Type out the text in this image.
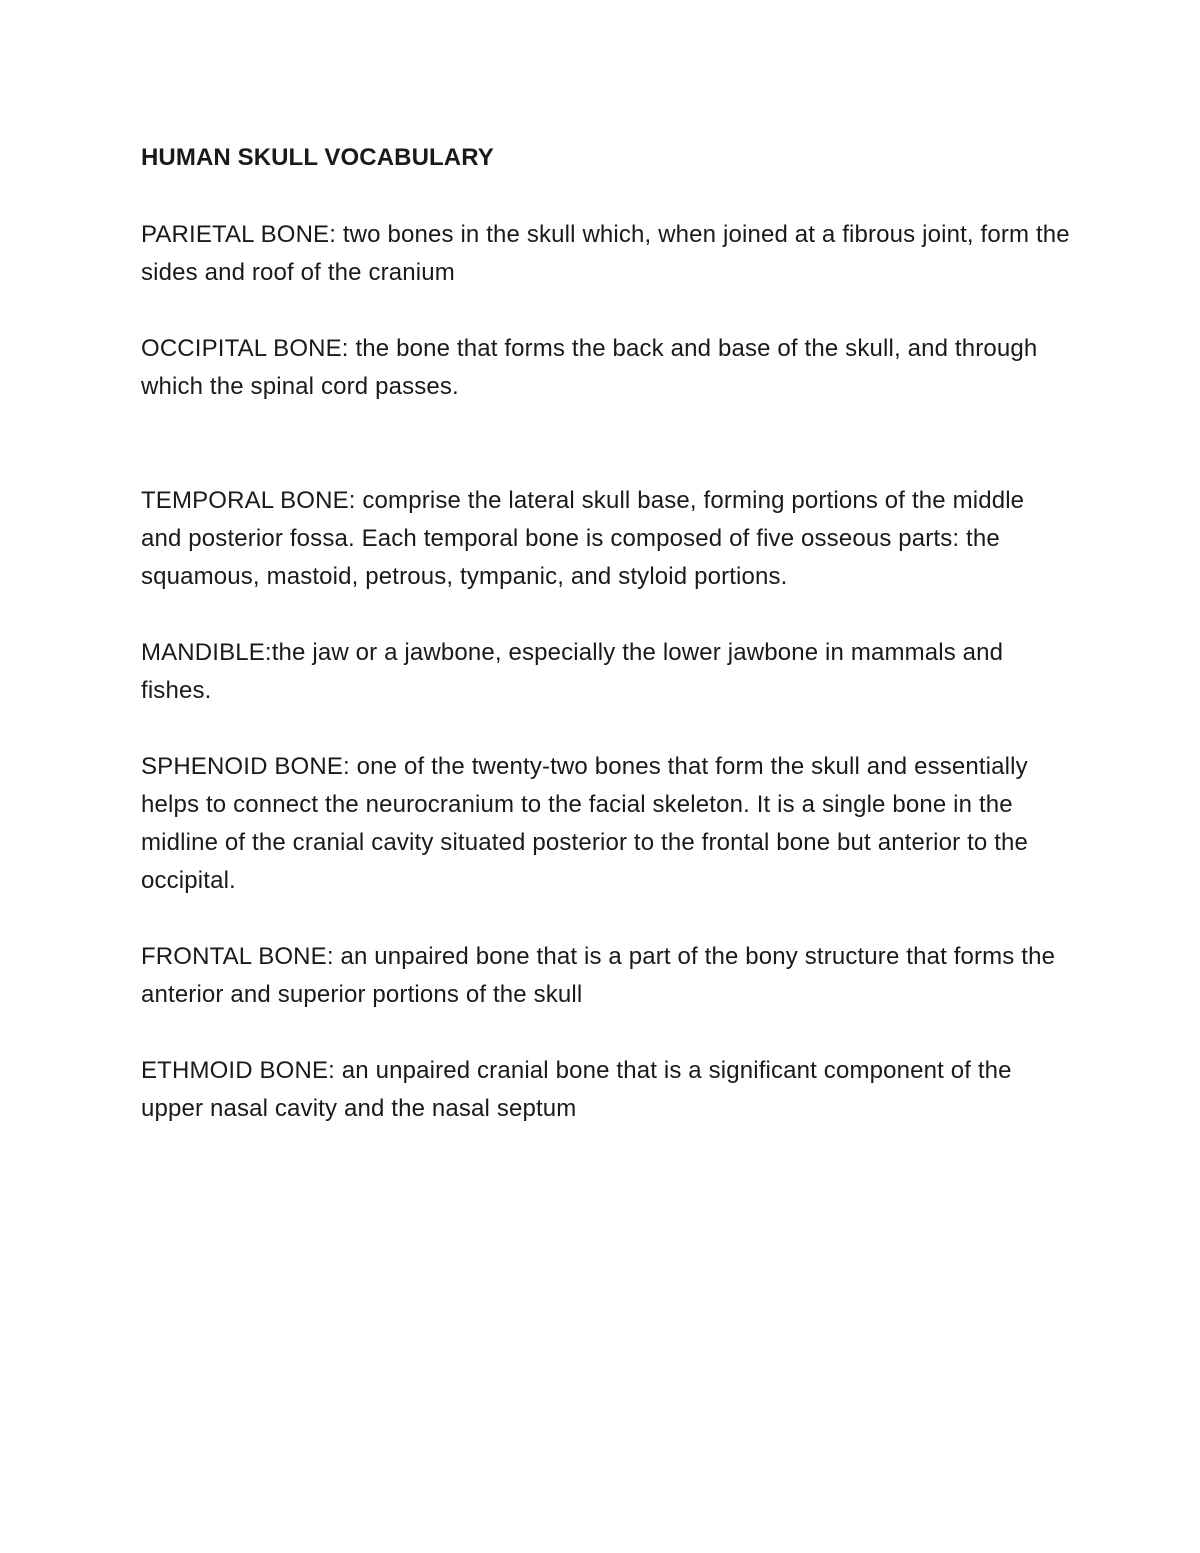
HUMAN SKULL VOCABULARY

PARIETAL BONE: two bones in the skull which, when joined at a fibrous joint, form the sides and roof of the cranium

OCCIPITAL BONE: the bone that forms the back and base of the skull, and through which the spinal cord passes.

TEMPORAL BONE: comprise the lateral skull base, forming portions of the middle and posterior fossa. Each temporal bone is composed of five osseous parts: the squamous, mastoid, petrous, tympanic, and styloid portions.

MANDIBLE:the jaw or a jawbone, especially the lower jawbone in mammals and fishes.

SPHENOID BONE: one of the twenty-two bones that form the skull and essentially helps to connect the neurocranium to the facial skeleton. It is a single bone in the midline of the cranial cavity situated posterior to the frontal bone but anterior to the occipital.

FRONTAL BONE: an unpaired bone that is a part of the bony structure that forms the anterior and superior portions of the skull

ETHMOID BONE: an unpaired cranial bone that is a significant component of the upper nasal cavity and the nasal septum
